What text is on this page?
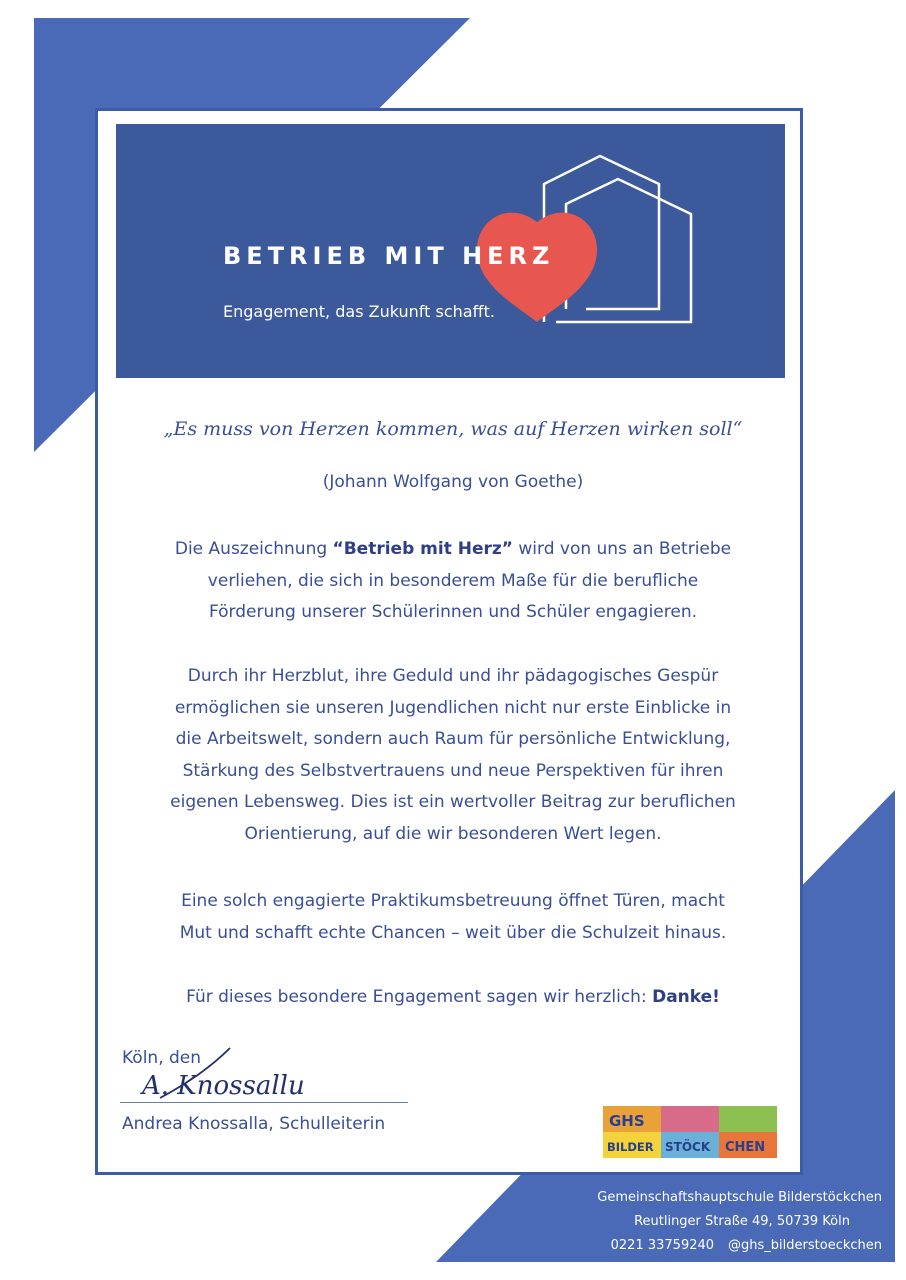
BETRIEB MIT HERZ
Engagement, das Zukunft schafft.
„Es muss von Herzen kommen, was auf Herzen wirken soll“
(Johann Wolfgang von Goethe)
Die Auszeichnung “Betrieb mit Herz” wird von uns an Betriebe
verliehen, die sich in besonderem Maße für die berufliche
Förderung unserer Schülerinnen und Schüler engagieren.
Durch ihr Herzblut, ihre Geduld und ihr pädagogisches Gespür
ermöglichen sie unseren Jugendlichen nicht nur erste Einblicke in
die Arbeitswelt, sondern auch Raum für persönliche Entwicklung,
Stärkung des Selbstvertrauens und neue Perspektiven für ihren
eigenen Lebensweg. Dies ist ein wertvoller Beitrag zur beruflichen
Orientierung, auf die wir besonderen Wert legen.
Eine solch engagierte Praktikumsbetreuung öffnet Türen, macht
Mut und schafft echte Chancen – weit über die Schulzeit hinaus.
Für dieses besondere Engagement sagen wir herzlich: Danke!
Köln, den
A. Knossallu
Andrea Knossalla, Schulleiterin	GHS
BILDER STÖCK CHEN
Gemeinschaftshauptschule Bilderstöckchen
Reutlinger Straße 49, 50739 Köln
0221 33759240 @ghs_bilderstoeckchen
